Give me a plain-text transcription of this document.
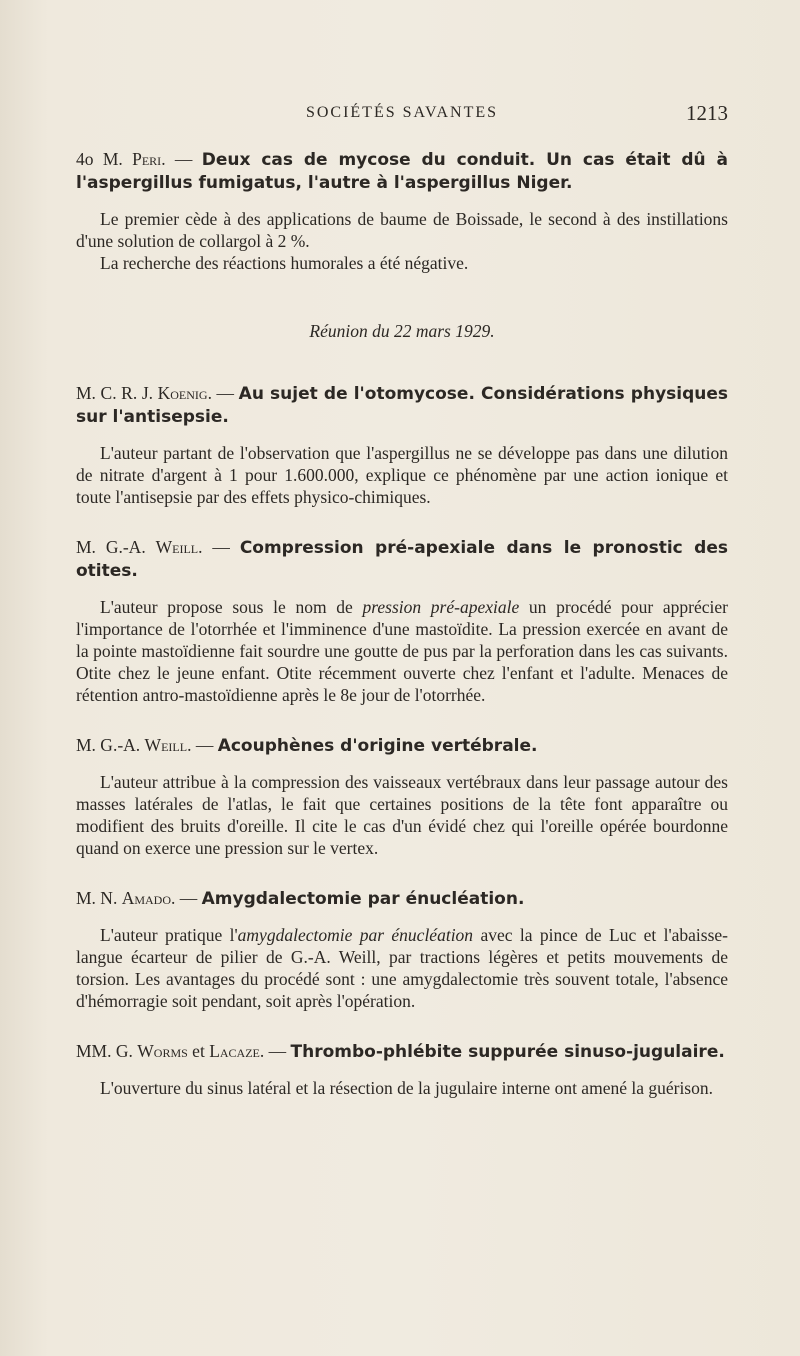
SOCIÉTÉS SAVANTES	1213

4o M. Peri. — Deux cas de mycose du conduit. Un cas était dû à l'aspergillus fumigatus, l'autre à l'aspergillus Niger.

Le premier cède à des applications de baume de Boissade, le second à des instillations d'une solution de collargol à 2 %.

La recherche des réactions humorales a été négative.

Réunion du 22 mars 1929.

M. C. R. J. Koenig. — Au sujet de l'otomycose. Considérations physiques sur l'antisepsie.

L'auteur partant de l'observation que l'aspergillus ne se développe pas dans une dilution de nitrate d'argent à 1 pour 1.600.000, explique ce phénomène par une action ionique et toute l'antisepsie par des effets physico-chimiques.

M. G.-A. Weill. — Compression pré-apexiale dans le pronostic des otites.

L'auteur propose sous le nom de pression pré-apexiale un procédé pour apprécier l'importance de l'otorrhée et l'imminence d'une mastoïdite. La pression exercée en avant de la pointe mastoïdienne fait sourdre une goutte de pus par la perforation dans les cas suivants. Otite chez le jeune enfant. Otite récemment ouverte chez l'enfant et l'adulte. Menaces de rétention antro-mastoïdienne après le 8e jour de l'otorrhée.

M. G.-A. Weill. — Acouphènes d'origine vertébrale.

L'auteur attribue à la compression des vaisseaux vertébraux dans leur passage autour des masses latérales de l'atlas, le fait que certaines positions de la tête font apparaître ou modifient des bruits d'oreille. Il cite le cas d'un évidé chez qui l'oreille opérée bourdonne quand on exerce une pression sur le vertex.

M. N. Amado. — Amygdalectomie par énucléation.

L'auteur pratique l'amygdalectomie par énucléation avec la pince de Luc et l'abaisse-langue écarteur de pilier de G.-A. Weill, par tractions légères et petits mouvements de torsion. Les avantages du procédé sont : une amygdalectomie très souvent totale, l'absence d'hémorragie soit pendant, soit après l'opération.

MM. G. Worms et Lacaze. — Thrombo-phlébite suppurée sinuso-jugulaire.

L'ouverture du sinus latéral et la résection de la jugulaire interne ont amené la guérison.
